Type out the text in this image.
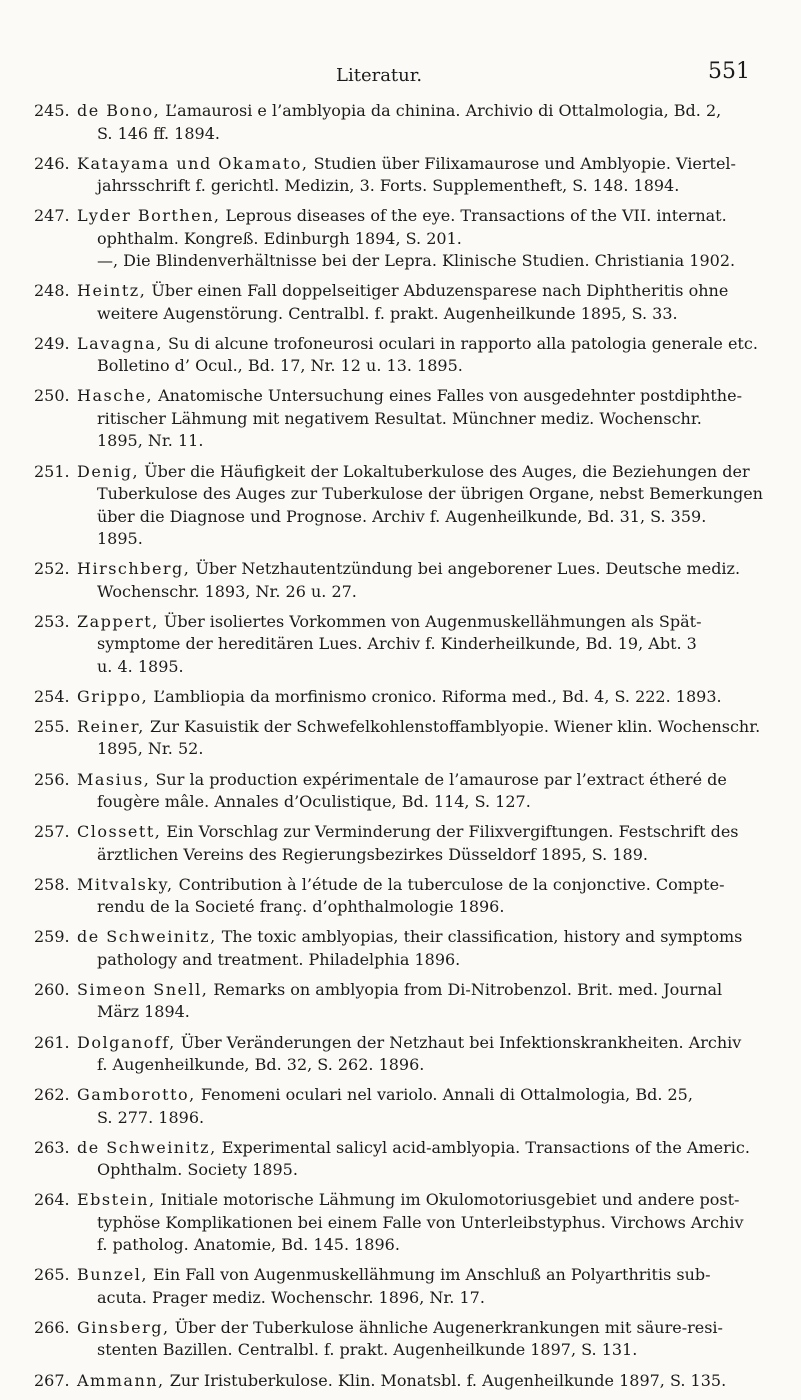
Literatur.	551
245. de Bono, L’amaurosi e l’amblyopia da chinina. Archivio di Ottalmologia, Bd. 2,
S. 146 ff. 1894.
246. Katayama und Okamato, Studien über Filixamaurose und Amblyopie. Viertel-
jahrsschrift f. gerichtl. Medizin, 3. Forts. Supplementheft, S. 148. 1894.
247. Lyder Borthen, Leprous diseases of the eye. Transactions of the VII. internat.
ophthalm. Kongreß. Edinburgh 1894, S. 201.
—, Die Blindenverhältnisse bei der Lepra. Klinische Studien. Christiania 1902.
248. Heintz, Über einen Fall doppelseitiger Abduzensparese nach Diphtheritis ohne
weitere Augenstörung. Centralbl. f. prakt. Augenheilkunde 1895, S. 33.
249. Lavagna, Su di alcune trofoneurosi oculari in rapporto alla patologia generale etc.
Bolletino d’ Ocul., Bd. 17, Nr. 12 u. 13. 1895.
250. Hasche, Anatomische Untersuchung eines Falles von ausgedehnter postdiphthe-
ritischer Lähmung mit negativem Resultat. Münchner mediz. Wochenschr.
1895, Nr. 11.
251. Denig, Über die Häufigkeit der Lokaltuberkulose des Auges, die Beziehungen der
Tuberkulose des Auges zur Tuberkulose der übrigen Organe, nebst Bemerkungen
über die Diagnose und Prognose. Archiv f. Augenheilkunde, Bd. 31, S. 359.
1895.
252. Hirschberg, Über Netzhautentzündung bei angeborener Lues. Deutsche mediz.
Wochenschr. 1893, Nr. 26 u. 27.
253. Zappert, Über isoliertes Vorkommen von Augenmuskellähmungen als Spät-
symptome der hereditären Lues. Archiv f. Kinderheilkunde, Bd. 19, Abt. 3
u. 4. 1895.
254. Grippo, L’ambliopia da morfinismo cronico. Riforma med., Bd. 4, S. 222. 1893.
255. Reiner, Zur Kasuistik der Schwefelkohlenstoffamblyopie. Wiener klin. Wochenschr.
1895, Nr. 52.
256. Masius, Sur la production expérimentale de l’amaurose par l’extract étheré de
fougère mâle. Annales d’Oculistique, Bd. 114, S. 127.
257. Clossett, Ein Vorschlag zur Verminderung der Filixvergiftungen. Festschrift des
ärztlichen Vereins des Regierungsbezirkes Düsseldorf 1895, S. 189.
258. Mitvalsky, Contribution à l’étude de la tuberculose de la conjonctive. Compte-
rendu de la Societé franç. d’ophthalmologie 1896.
259. de Schweinitz, The toxic amblyopias, their classification, history and symptoms
pathology and treatment. Philadelphia 1896.
260. Simeon Snell, Remarks on amblyopia from Di-Nitrobenzol. Brit. med. Journal
März 1894.
261. Dolganoff, Über Veränderungen der Netzhaut bei Infektionskrankheiten. Archiv
f. Augenheilkunde, Bd. 32, S. 262. 1896.
262. Gamborotto, Fenomeni oculari nel variolo. Annali di Ottalmologia, Bd. 25,
S. 277. 1896.
263. de Schweinitz, Experimental salicyl acid-amblyopia. Transactions of the Americ.
Ophthalm. Society 1895.
264. Ebstein, Initiale motorische Lähmung im Okulomotoriusgebiet und andere post-
typhöse Komplikationen bei einem Falle von Unterleibstyphus. Virchows Archiv
f. patholog. Anatomie, Bd. 145. 1896.
265. Bunzel, Ein Fall von Augenmuskellähmung im Anschluß an Polyarthritis sub-
acuta. Prager mediz. Wochenschr. 1896, Nr. 17.
266. Ginsberg, Über der Tuberkulose ähnliche Augenerkrankungen mit säure-resi-
stenten Bazillen. Centralbl. f. prakt. Augenheilkunde 1897, S. 131.
267. Ammann, Zur Iristuberkulose. Klin. Monatsbl. f. Augenheilkunde 1897, S. 135.
